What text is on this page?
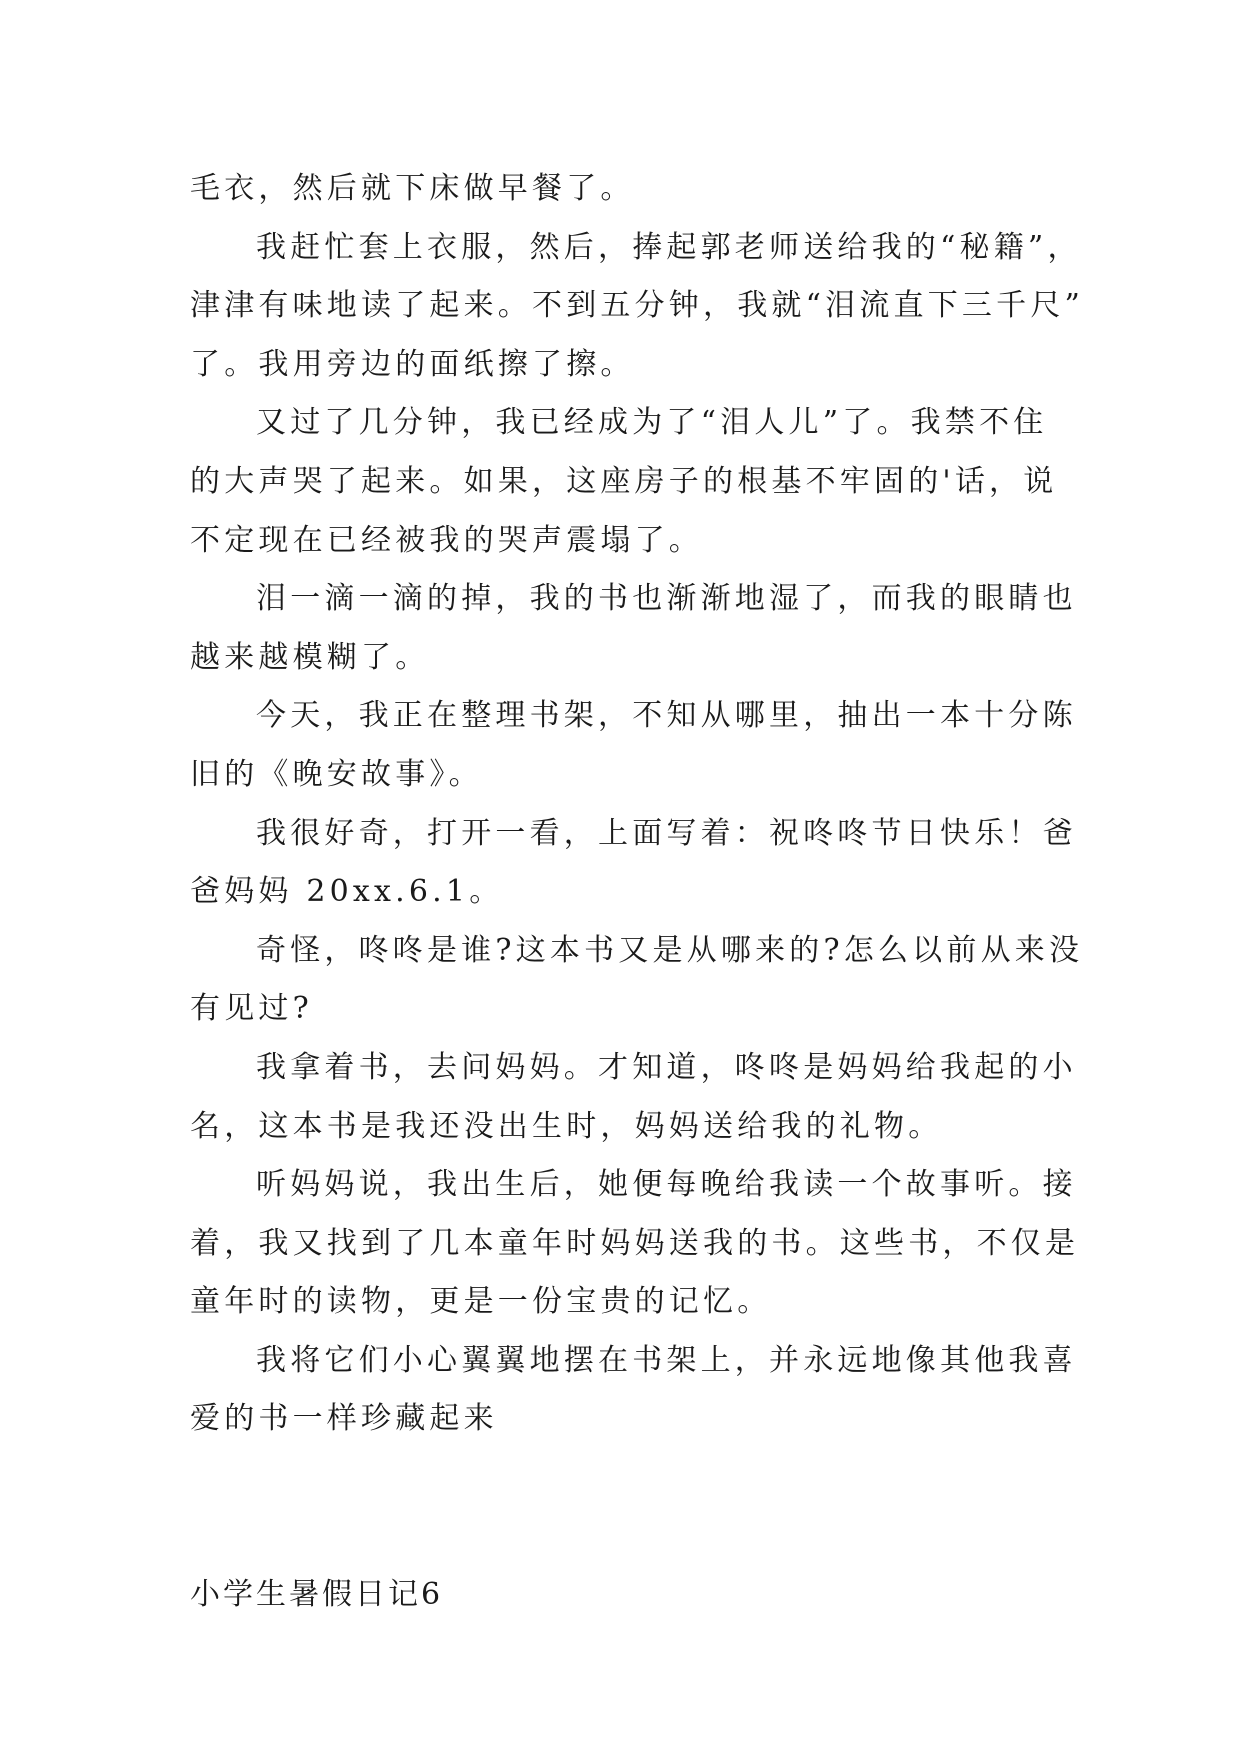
毛衣，然后就下床做早餐了。

我赶忙套上衣服，然后，捧起郭老师送给我的“秘籍”，

津津有味地读了起来。不到五分钟，我就“泪流直下三千尺”

了。我用旁边的面纸擦了擦。

又过了几分钟，我已经成为了“泪人儿”了。我禁不住

的大声哭了起来。如果，这座房子的根基不牢固的'话，说

不定现在已经被我的哭声震塌了。

泪一滴一滴的掉，我的书也渐渐地湿了，而我的眼睛也

越来越模糊了。

今天，我正在整理书架，不知从哪里，抽出一本十分陈

旧的《晚安故事》。

我很好奇，打开一看，上面写着：祝咚咚节日快乐！爸

爸妈妈 20xx.6.1。

奇怪，咚咚是谁?这本书又是从哪来的?怎么以前从来没

有见过?

我拿着书，去问妈妈。才知道，咚咚是妈妈给我起的小

名，这本书是我还没出生时，妈妈送给我的礼物。

听妈妈说，我出生后，她便每晚给我读一个故事听。接

着，我又找到了几本童年时妈妈送我的书。这些书，不仅是

童年时的读物，更是一份宝贵的记忆。

我将它们小心翼翼地摆在书架上，并永远地像其他我喜

爱的书一样珍藏起来

小学生暑假日记6
